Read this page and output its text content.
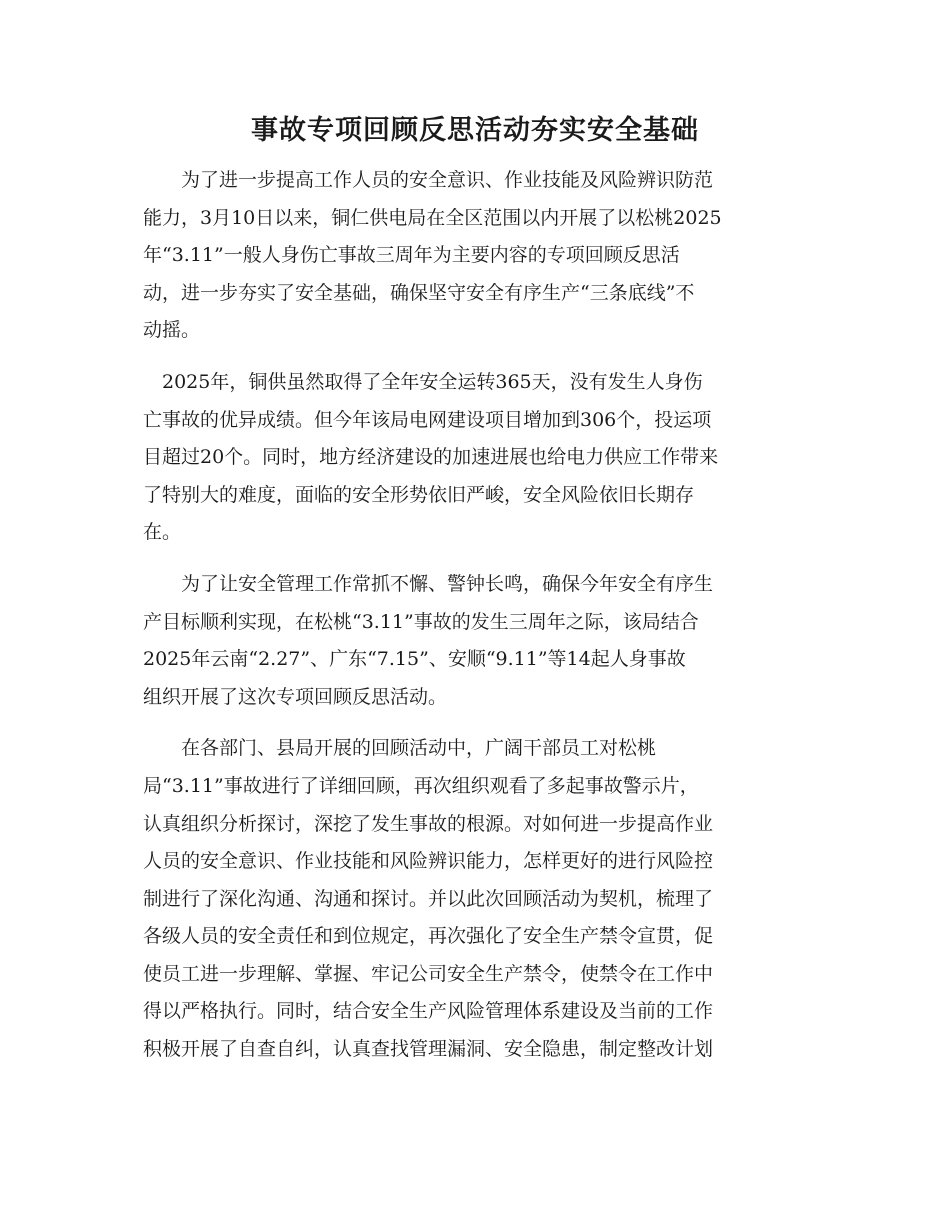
事故专项回顾反思活动夯实安全基础

　　为了进一步提高工作人员的安全意识、作业技能及风险辨识防范
能力，3月10日以来，铜仁供电局在全区范围以内开展了以松桃2025
年“3.11”一般人身伤亡事故三周年为主要内容的专项回顾反思活
动，进一步夯实了安全基础，确保坚守安全有序生产“三条底线”不
动摇。

　2025年，铜供虽然取得了全年安全运转365天，没有发生人身伤
亡事故的优异成绩。但今年该局电网建设项目增加到306个，投运项
目超过20个。同时，地方经济建设的加速进展也给电力供应工作带来
了特别大的难度，面临的安全形势依旧严峻，安全风险依旧长期存
在。

　　为了让安全管理工作常抓不懈、警钟长鸣，确保今年安全有序生
产目标顺利实现，在松桃“3.11”事故的发生三周年之际，该局结合
2025年云南“2.27”、广东“7.15”、安顺“9.11”等14起人身事故
组织开展了这次专项回顾反思活动。

　　在各部门、县局开展的回顾活动中，广阔干部员工对松桃
局“3.11”事故进行了详细回顾，再次组织观看了多起事故警示片，
认真组织分析探讨，深挖了发生事故的根源。对如何进一步提高作业
人员的安全意识、作业技能和风险辨识能力，怎样更好的进行风险控
制进行了深化沟通、沟通和探讨。并以此次回顾活动为契机，梳理了
各级人员的安全责任和到位规定，再次强化了安全生产禁令宣贯，促
使员工进一步理解、掌握、牢记公司安全生产禁令，使禁令在工作中
得以严格执行。同时，结合安全生产风险管理体系建设及当前的工作
积极开展了自查自纠，认真查找管理漏洞、安全隐患，制定整改计划
